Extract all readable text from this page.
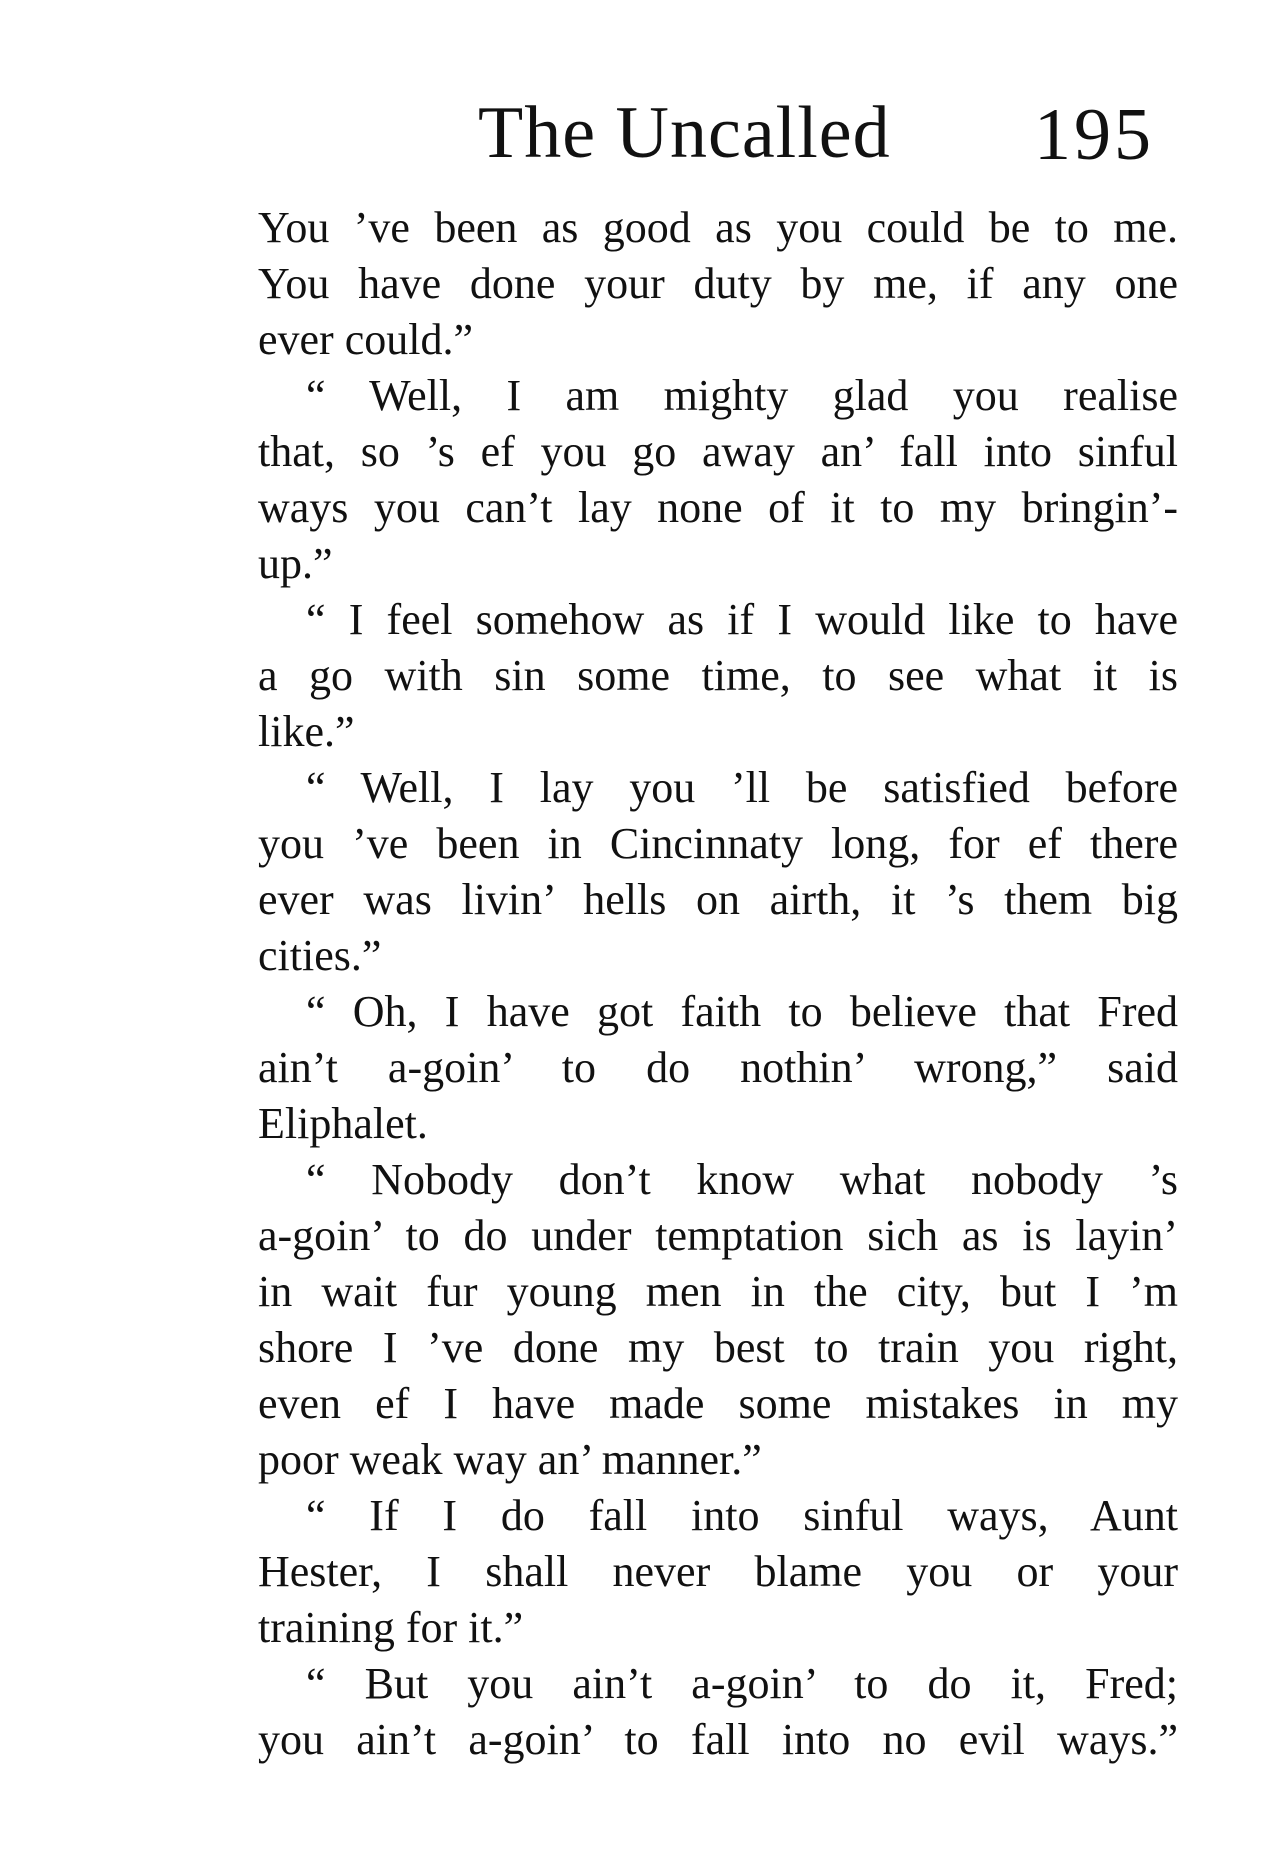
The Uncalled 195
You ’ve been as good as you could be to me.
You have done your duty by me, if any one
ever could.”
“ Well, I am mighty glad you realise
that, so ’s ef you go away an’ fall into sinful
ways you can’t lay none of it to my bringin’-
up.”
“ I feel somehow as if I would like to have
a go with sin some time, to see what it is
like.”
“ Well, I lay you ’ll be satisfied before
you ’ve been in Cincinnaty long, for ef there
ever was livin’ hells on airth, it ’s them big
cities.”
“ Oh, I have got faith to believe that Fred
ain’t a-goin’ to do nothin’ wrong,” said
Eliphalet.
“ Nobody don’t know what nobody ’s
a-goin’ to do under temptation sich as is layin’
in wait fur young men in the city, but I ’m
shore I ’ve done my best to train you right,
even ef I have made some mistakes in my
poor weak way an’ manner.”
“ If I do fall into sinful ways, Aunt
Hester, I shall never blame you or your
training for it.”
“ But you ain’t a-goin’ to do it, Fred;
you ain’t a-goin’ to fall into no evil ways.”
